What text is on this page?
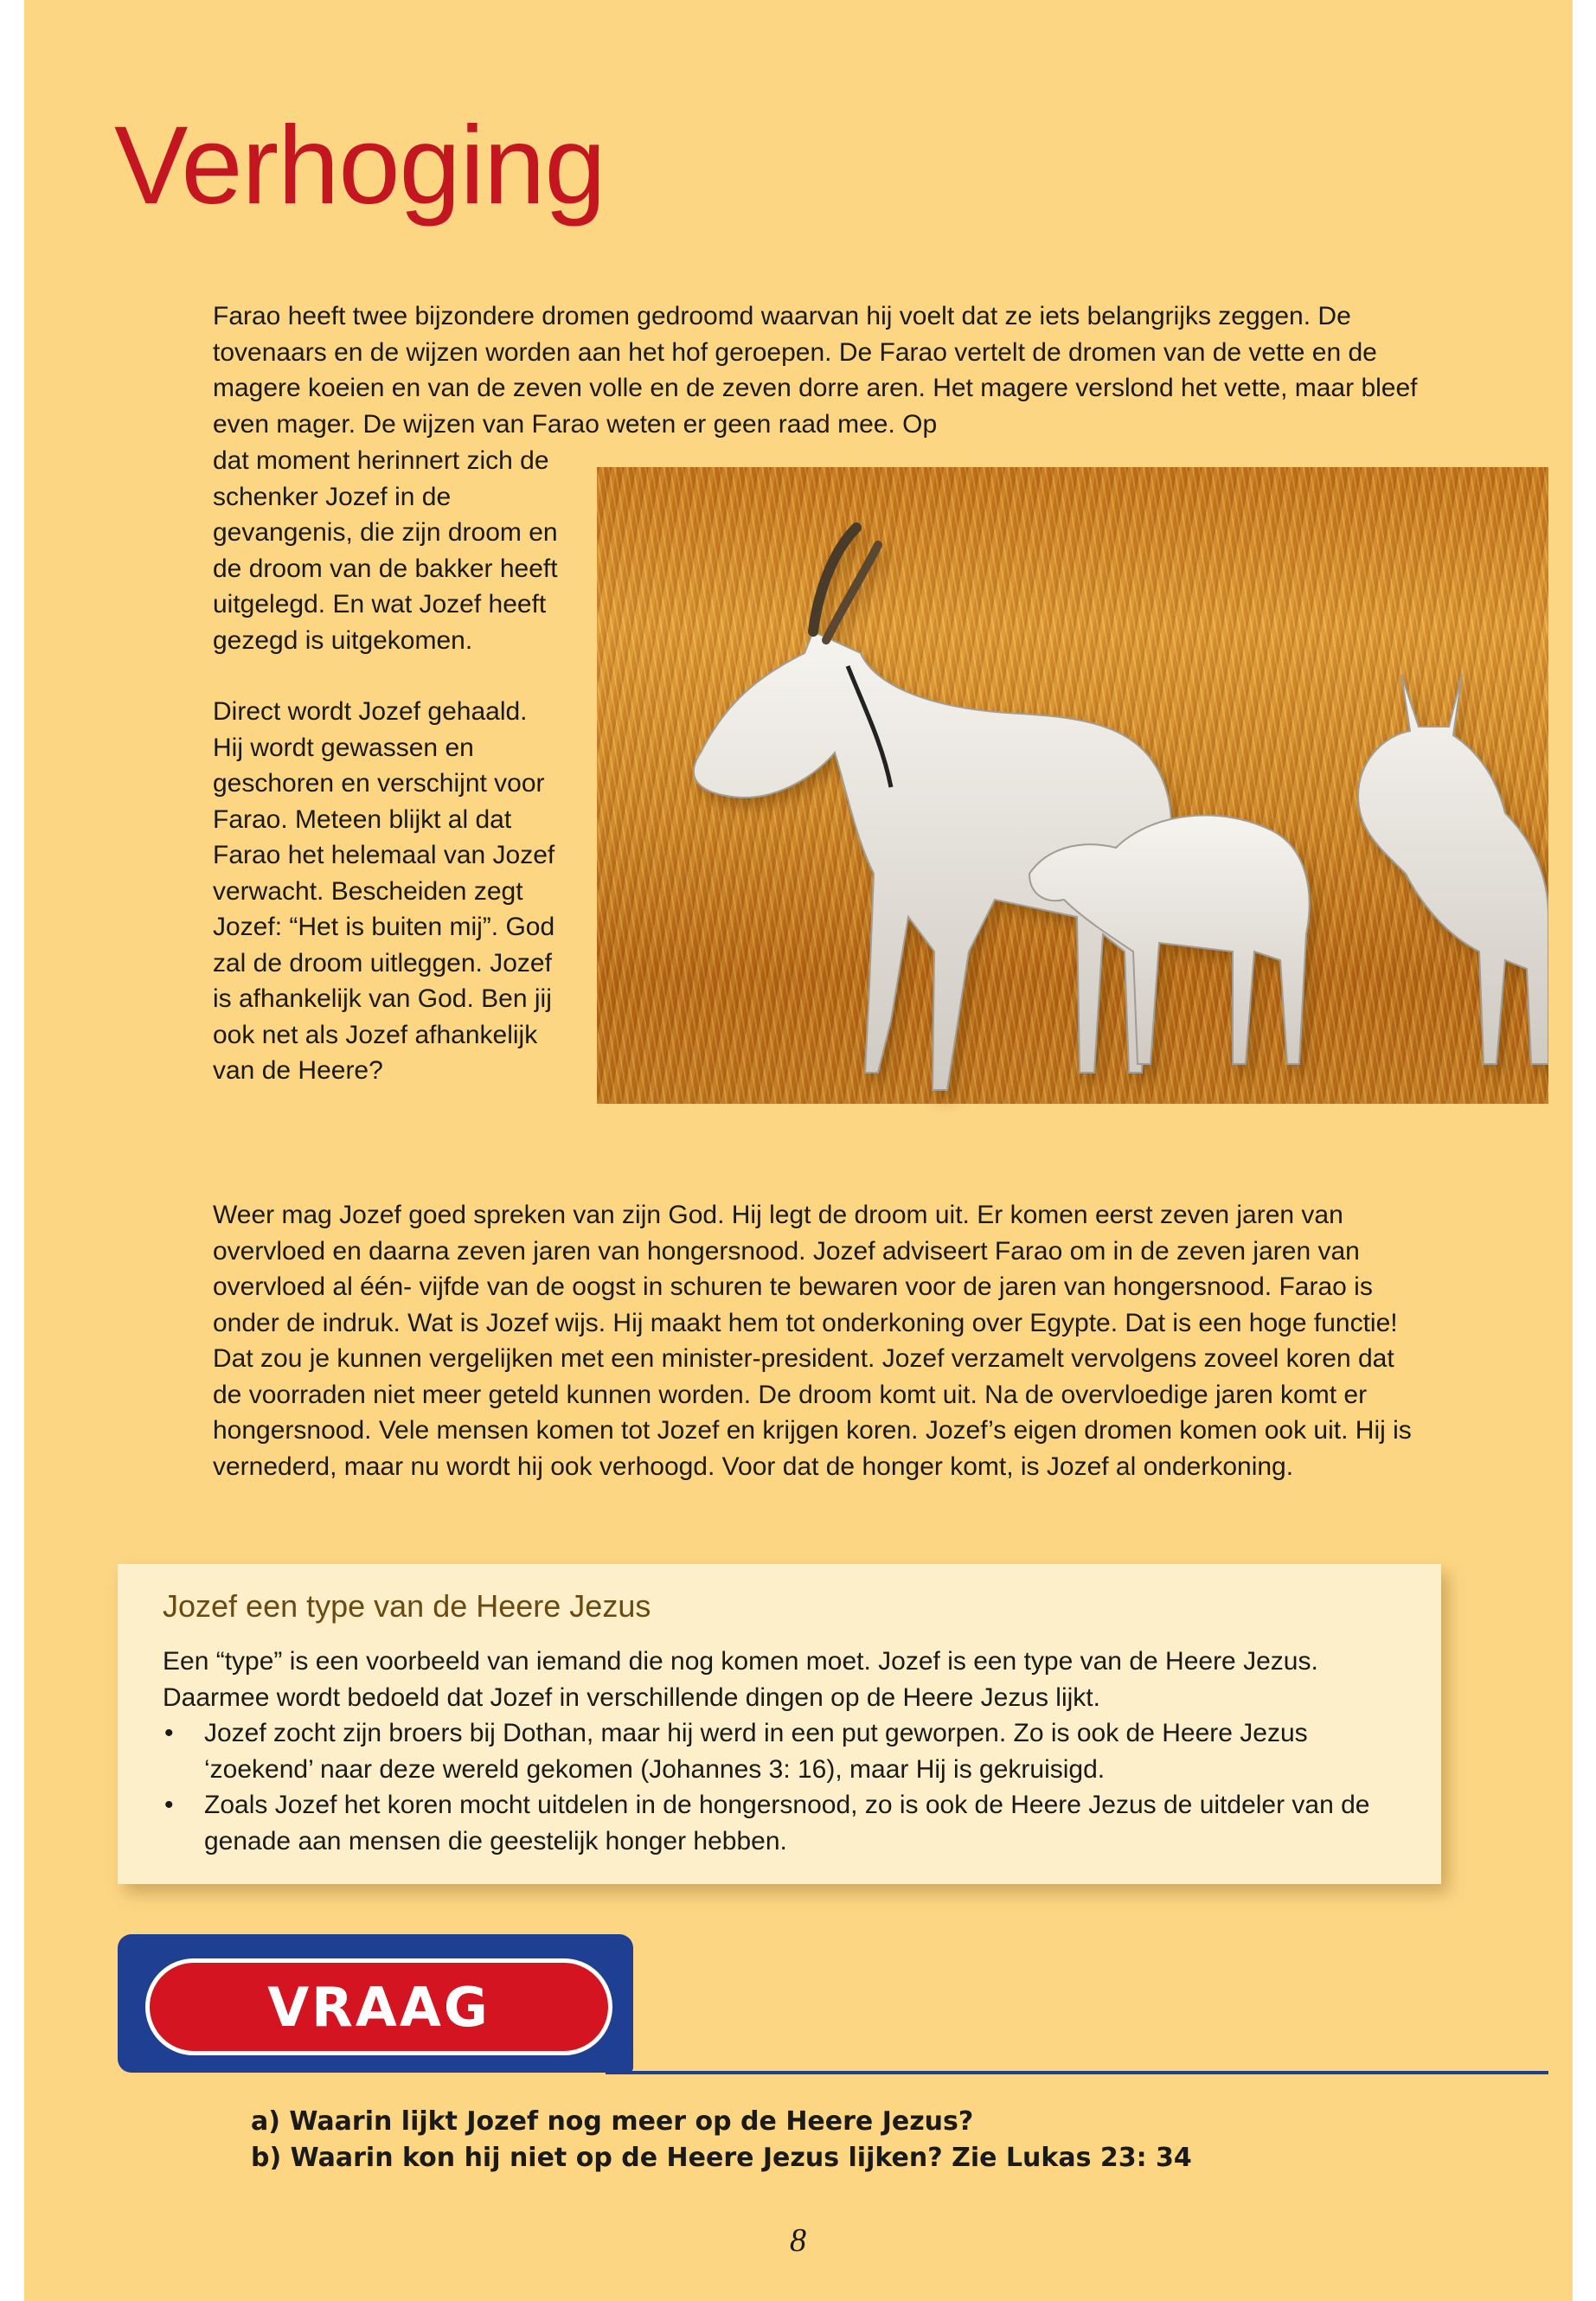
Verhoging
Farao heeft twee bijzondere dromen gedroomd waarvan hij voelt dat ze iets belangrijks zeggen. De tovenaars en de wijzen worden aan het hof geroepen. De Farao vertelt de dromen van de vette en de magere koeien en van de zeven volle en de zeven dorre aren. Het magere verslond het vette, maar bleef even mager. De wijzen van Farao weten er geen raad mee. Op

dat moment herinnert zich de schenker Jozef in de gevangenis, die zijn droom en de droom van de bakker heeft uitgelegd. En wat Jozef heeft gezegd is uitgekomen.

Direct wordt Jozef gehaald. Hij wordt gewassen en geschoren en verschijnt voor Farao. Meteen blijkt al dat Farao het helemaal van Jozef verwacht. Bescheiden zegt Jozef: “Het is buiten mij”. God zal de droom uitleggen. Jozef is afhankelijk van God. Ben jij ook net als Jozef afhankelijk van de Heere?

Weer mag Jozef goed spreken van zijn God. Hij legt de droom uit. Er komen eerst zeven jaren van overvloed en daarna zeven jaren van hongersnood. Jozef adviseert Farao om in de zeven jaren van overvloed al één- vijfde van de oogst in schuren te bewaren voor de jaren van hongersnood. Farao is onder de indruk. Wat is Jozef wijs. Hij maakt hem tot onderkoning over Egypte. Dat is een hoge functie! Dat zou je kunnen vergelijken met een minister-president. Jozef verzamelt vervolgens zoveel koren dat de voorraden niet meer geteld kunnen worden. De droom komt uit. Na de overvloedige jaren komt er hongersnood. Vele mensen komen tot Jozef en krijgen koren. Jozef’s eigen dromen komen ook uit. Hij is vernederd, maar nu wordt hij ook verhoogd. Voor dat de honger komt, is Jozef al onderkoning.
Jozef een type van de Heere Jezus

Een “type” is een voorbeeld van iemand die nog komen moet. Jozef is een type van de Heere Jezus. Daarmee wordt bedoeld dat Jozef in verschillende dingen op de Heere Jezus lijkt.

•	Jozef zocht zijn broers bij Dothan, maar hij werd in een put geworpen. Zo is ook de Heere Jezus ‘zoekend’ naar deze wereld gekomen (Johannes 3: 16), maar Hij is gekruisigd.
•	Zoals Jozef het koren mocht uitdelen in de hongersnood, zo is ook de Heere Jezus de uitdeler van de genade aan mensen die geestelijk honger hebben.
VRAAG

a) Waarin lijkt Jozef nog meer op de Heere Jezus?

b) Waarin kon hij niet op de Heere Jezus lijken? Zie Lukas 23: 34

8
